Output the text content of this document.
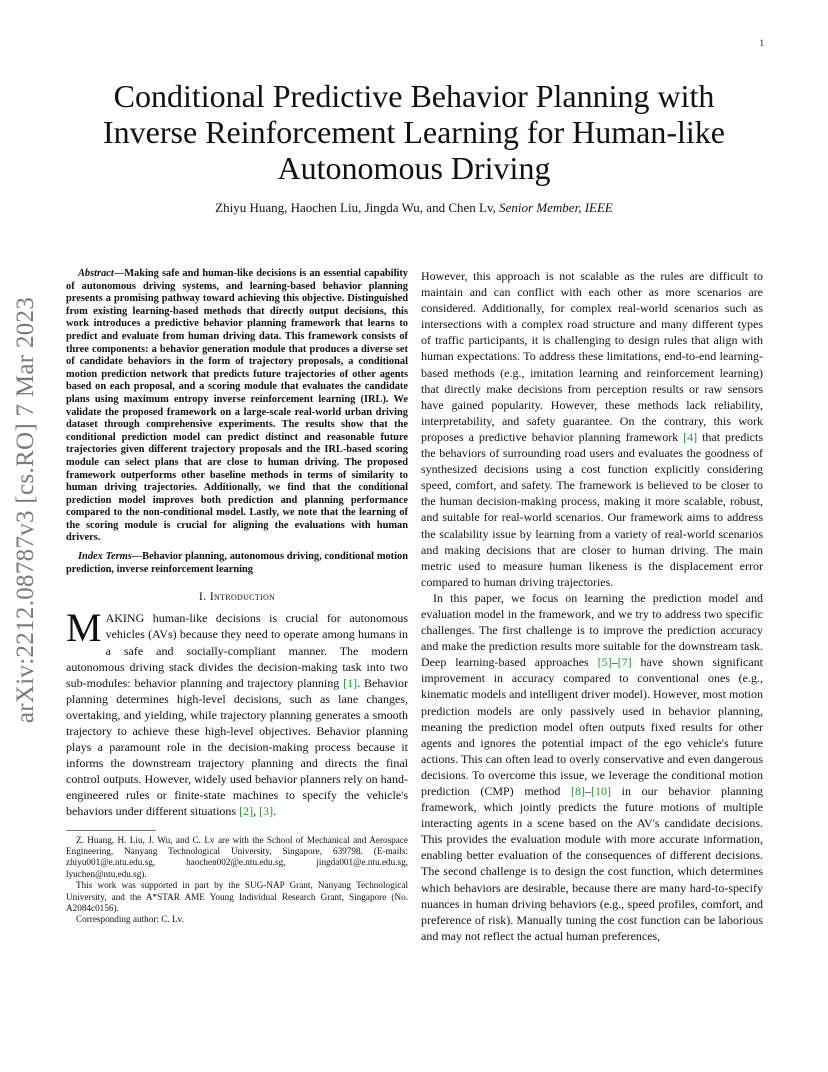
1
arXiv:2212.08787v3 [cs.RO] 7 Mar 2023
Conditional Predictive Behavior Planning with Inverse Reinforcement Learning for Human-like Autonomous Driving

Zhiyu Huang, Haochen Liu, Jingda Wu, and Chen Lv, Senior Member, IEEE

Abstract—Making safe and human-like decisions is an essential capability of autonomous driving systems, and learning-based behavior planning presents a promising pathway toward achieving this objective. Distinguished from existing learning-based methods that directly output decisions, this work introduces a predictive behavior planning framework that learns to predict and evaluate from human driving data. This framework consists of three components: a behavior generation module that produces a diverse set of candidate behaviors in the form of trajectory proposals, a conditional motion prediction network that predicts future trajectories of other agents based on each proposal, and a scoring module that evaluates the candidate plans using maximum entropy inverse reinforcement learning (IRL). We validate the proposed framework on a large-scale real-world urban driving dataset through comprehensive experiments. The results show that the conditional prediction model can predict distinct and reasonable future trajectories given different trajectory proposals and the IRL-based scoring module can select plans that are close to human driving. The proposed framework outperforms other baseline methods in terms of similarity to human driving trajectories. Additionally, we find that the conditional prediction model improves both prediction and planning performance compared to the non-conditional model. Lastly, we note that the learning of the scoring module is crucial for aligning the evaluations with human drivers.

Index Terms—Behavior planning, autonomous driving, conditional motion prediction, inverse reinforcement learning

I. Introduction

MAKING human-like decisions is crucial for autonomous vehicles (AVs) because they need to operate among humans in a safe and socially-compliant manner. The modern autonomous driving stack divides the decision-making task into two sub-modules: behavior planning and trajectory planning [1]. Behavior planning determines high-level decisions, such as lane changes, overtaking, and yielding, while trajectory planning generates a smooth trajectory to achieve these high-level objectives. Behavior planning plays a paramount role in the decision-making process because it informs the downstream trajectory planning and directs the final control outputs. However, widely used behavior planners rely on hand-engineered rules or finite-state machines to specify the vehicle's behaviors under different situations [2], [3].

Z. Huang, H. Liu, J. Wu, and C. Lv are with the School of Mechanical and Aerospace Engineering, Nanyang Technological University, Singapore, 639798. (E-mails: zhiyu001@e.ntu.edu.sg, haochen002@e.ntu.edu.sg, jingda001@e.ntu.edu.sg, lyuchen@ntu.edu.sg).

This work was supported in part by the SUG-NAP Grant, Nanyang Technological University, and the A*STAR AME Young Individual Research Grant, Singapore (No. A2084c0156).

Corresponding author: C. Lv.

However, this approach is not scalable as the rules are difficult to maintain and can conflict with each other as more scenarios are considered. Additionally, for complex real-world scenarios such as intersections with a complex road structure and many different types of traffic participants, it is challenging to design rules that align with human expectations. To address these limitations, end-to-end learning-based methods (e.g., imitation learning and reinforcement learning) that directly make decisions from perception results or raw sensors have gained popularity. However, these methods lack reliability, interpretability, and safety guarantee. On the contrary, this work proposes a predictive behavior planning framework [4] that predicts the behaviors of surrounding road users and evaluates the goodness of synthesized decisions using a cost function explicitly considering speed, comfort, and safety. The framework is believed to be closer to the human decision-making process, making it more scalable, robust, and suitable for real-world scenarios. Our framework aims to address the scalability issue by learning from a variety of real-world scenarios and making decisions that are closer to human driving. The main metric used to measure human likeness is the displacement error compared to human driving trajectories.

In this paper, we focus on learning the prediction model and evaluation model in the framework, and we try to address two specific challenges. The first challenge is to improve the prediction accuracy and make the prediction results more suitable for the downstream task. Deep learning-based approaches [5]–[7] have shown significant improvement in accuracy compared to conventional ones (e.g., kinematic models and intelligent driver model). However, most motion prediction models are only passively used in behavior planning, meaning the prediction model often outputs fixed results for other agents and ignores the potential impact of the ego vehicle's future actions. This can often lead to overly conservative and even dangerous decisions. To overcome this issue, we leverage the conditional motion prediction (CMP) method [8]–[10] in our behavior planning framework, which jointly predicts the future motions of multiple interacting agents in a scene based on the AV's candidate decisions. This provides the evaluation module with more accurate information, enabling better evaluation of the consequences of different decisions. The second challenge is to design the cost function, which determines which behaviors are desirable, because there are many hard-to-specify nuances in human driving behaviors (e.g., speed profiles, comfort, and preference of risk). Manually tuning the cost function can be laborious and may not reflect the actual human preferences,
